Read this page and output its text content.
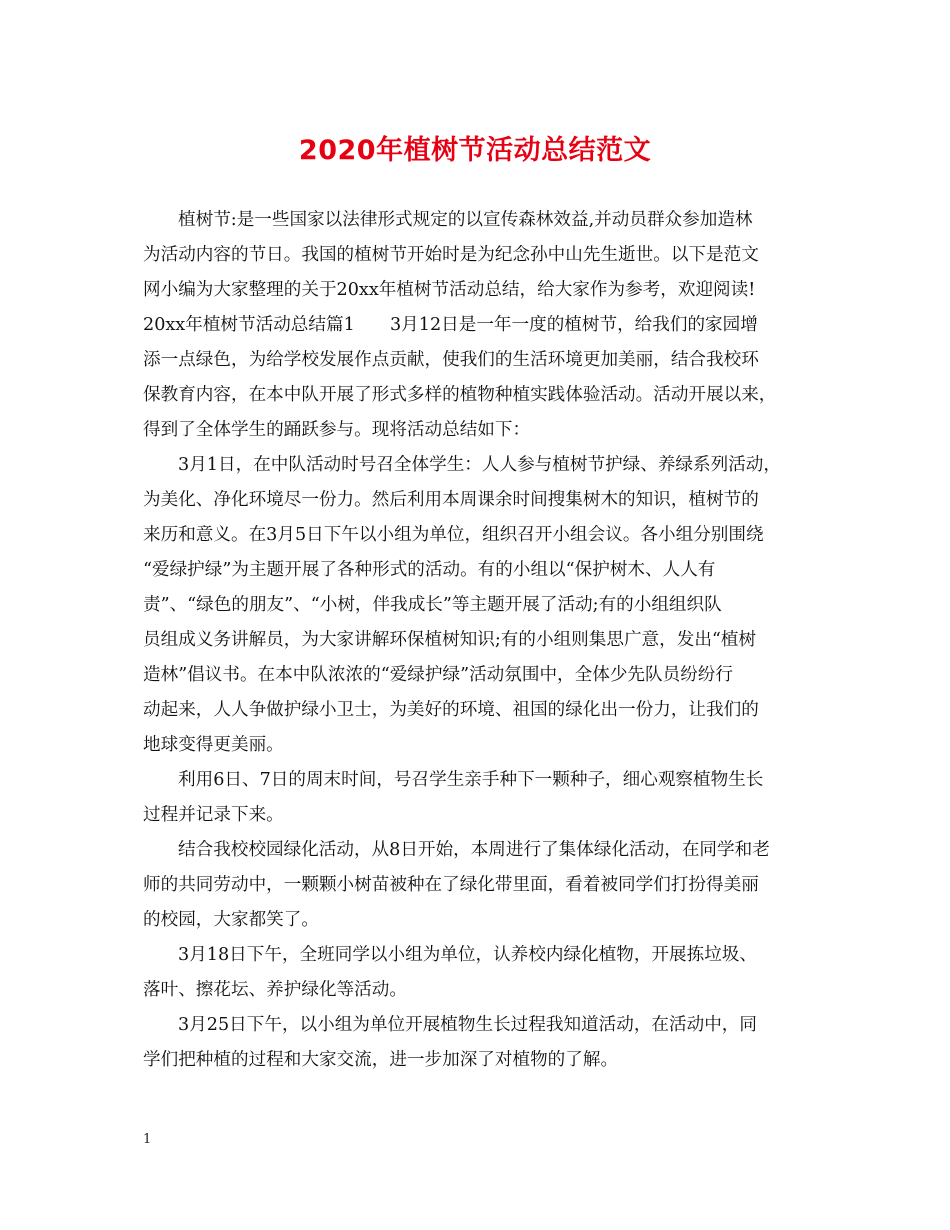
2020年植树节活动总结范文
植树节:是一些国家以法律形式规定的以宣传森林效益,并动员群众参加造林
为活动内容的节日。我国的植树节开始时是为纪念孙中山先生逝世。以下是范文
网小编为大家整理的关于20xx年植树节活动总结，给大家作为参考，欢迎阅读!
20xx年植树节活动总结篇1　　3月12日是一年一度的植树节，给我们的家园增
添一点绿色，为给学校发展作点贡献，使我们的生活环境更加美丽，结合我校环
保教育内容，在本中队开展了形式多样的植物种植实践体验活动。活动开展以来，
得到了全体学生的踊跃参与。现将活动总结如下：
3月1日，在中队活动时号召全体学生：人人参与植树节护绿、养绿系列活动，
为美化、净化环境尽一份力。然后利用本周课余时间搜集树木的知识，植树节的
来历和意义。在3月5日下午以小组为单位，组织召开小组会议。各小组分别围绕
“爱绿护绿”为主题开展了各种形式的活动。有的小组以“保护树木、人人有
责”、“绿色的朋友”、“小树，伴我成长”等主题开展了活动;有的小组组织队
员组成义务讲解员，为大家讲解环保植树知识;有的小组则集思广意，发出“植树
造林”倡议书。在本中队浓浓的“爱绿护绿”活动氛围中，全体少先队员纷纷行
动起来，人人争做护绿小卫士，为美好的环境、祖国的绿化出一份力，让我们的
地球变得更美丽。
利用6日、7日的周末时间，号召学生亲手种下一颗种子，细心观察植物生长
过程并记录下来。
结合我校校园绿化活动，从8日开始，本周进行了集体绿化活动，在同学和老
师的共同劳动中，一颗颗小树苗被种在了绿化带里面，看着被同学们打扮得美丽
的校园，大家都笑了。
3月18日下午，全班同学以小组为单位，认养校内绿化植物，开展拣垃圾、
落叶、擦花坛、养护绿化等活动。
3月25日下午，以小组为单位开展植物生长过程我知道活动，在活动中，同
学们把种植的过程和大家交流，进一步加深了对植物的了解。
1
